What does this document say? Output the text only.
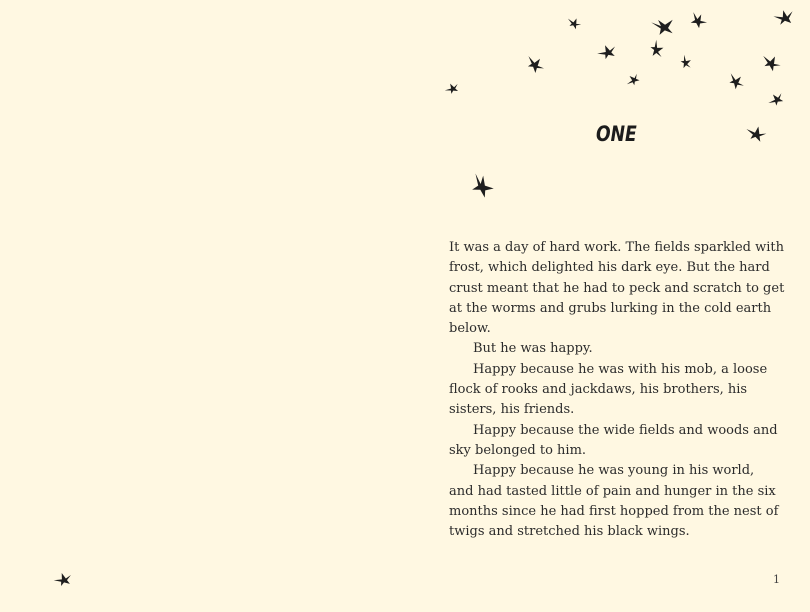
ONE

It was a day of hard work. The fields sparkled with
frost, which delighted his dark eye. But the hard
crust meant that he had to peck and scratch to get
at the worms and grubs lurking in the cold earth
below.

But he was happy.

Happy because he was with his mob, a loose
flock of rooks and jackdaws, his brothers, his
sisters, his friends.

Happy because the wide fields and woods and
sky belonged to him.

Happy because he was young in his world,
and had tasted little of pain and hunger in the six
months since he had first hopped from the nest of
twigs and stretched his black wings.

1
